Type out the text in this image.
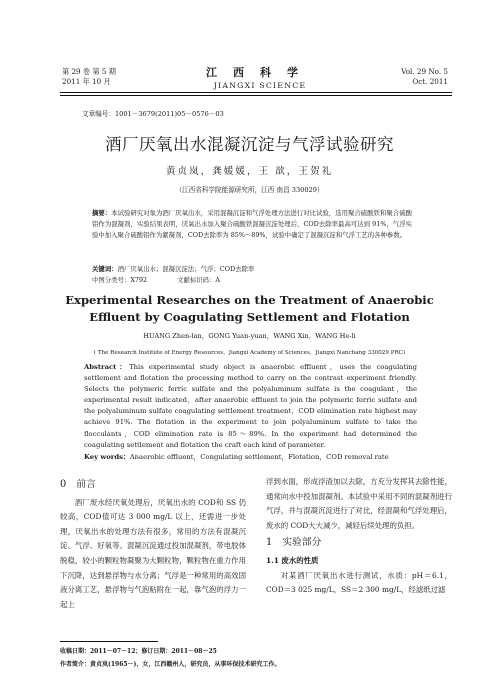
第 29 卷 第 5 期
2011 年 10 月
江西科学
JIANGXI SCIENCE
Vol. 29 No. 5
Oct. 2011
文章编号：1001－3679(2011)05－0576－03
酒厂厌氧出水混凝沉淀与气浮试验研究
黄贞岚，龚媛媛，王 歆，王贺礼
（江西省科学院能源研究所，江西 南昌 330029）
摘要：本试验研究对象为酒厂厌氧出水，采用混凝沉淀和气浮处理方法进行对比试验，选用聚合硫酸铁和聚合硫酸铝作为混凝剂，实验结果表明，厌氧出水加入聚合硫酸铁混凝沉淀处理后，COD去除率最高可达到 91%，气浮实验中加入聚合硫酸铝作为絮凝剂，COD去除率为 85%～89%，试验中确定了混凝沉淀和气浮工艺的各种参数。
关键词：酒厂厌氧出水；混凝沉淀法；气浮；COD去除率
中图分类号：X792	文献标识码：A
Experimental Researches on the Treatment of Anaerobic
Effluent by Coagulating Settlement and Flotation
HUANG Zhen-lan，GONG Yuan-yuan，WANG Xin，WANG He-li
( The Research Institute of Energy Resources，Jiangxi Academy of Sciences，Jiangxi Nanchang 330029 PRC)
Abstract：This experimental study object is anaerobic effluent，uses the coagulating settlement and flotation the processing method to carry on the contrast experiment friendly. Selects the polymeric ferric sulfate and the polyaluminum sulfate is the coagulant，the experimental result indicated，after anaerobic effluent to join the polymeric ferric sulfate and the polyaluminum sulfate coagulating settlement treatment，COD elimination rate highest may achieve 91%. The flotation in the experiment to join polyaluminum sulfate to take the flocculants，COD elimination rate is 85～89%. In the experiment had determined the coagulating settlement and flotation the craft each kind of parameter.
Key words：Anaerobic effluent，Congulating settlement，Flotation，COD removal rate
0 前言
酒厂废水经厌氧处理后，厌氧出水的 COD和 SS 仍较高，COD值可达 3 000 mg/L 以上，还需进一步处理，厌氧出水的处理方法有很多，常用的方法有混凝沉淀、气浮、好氧等。混凝沉淀通过投加混凝剂，带电胶体脱稳，较小的颗粒物凝聚为大颗粒物，颗粒物在重力作用下沉降，达到悬浮物与水分离；气浮是一种常用的高效固液分离工艺，悬浮物与气泡粘附在一起，靠气泡的浮力一起上
浮到水面，形成浮渣加以去除，方充分发挥其去除性能，通常向水中投加混凝剂。本试验中采用不同的混凝剂进行气浮，并与混凝沉淀进行了对比，经混凝和气浮处理后，废水的 COD大大减少，减轻后续处理的负担。
1 实验部分
1.1 废水的性质
对某酒厂厌氧出水进行测试，水质：pH＝6.1，COD＝3 025 mg/L，SS＝2 300 mg/L，经滤纸过滤
收稿日期：2011－07－12；修订日期：2011－08－25
作者简介：黄贞岚(1965－)，女，江西赣州人，研究员，从事环保技术研究工作。
